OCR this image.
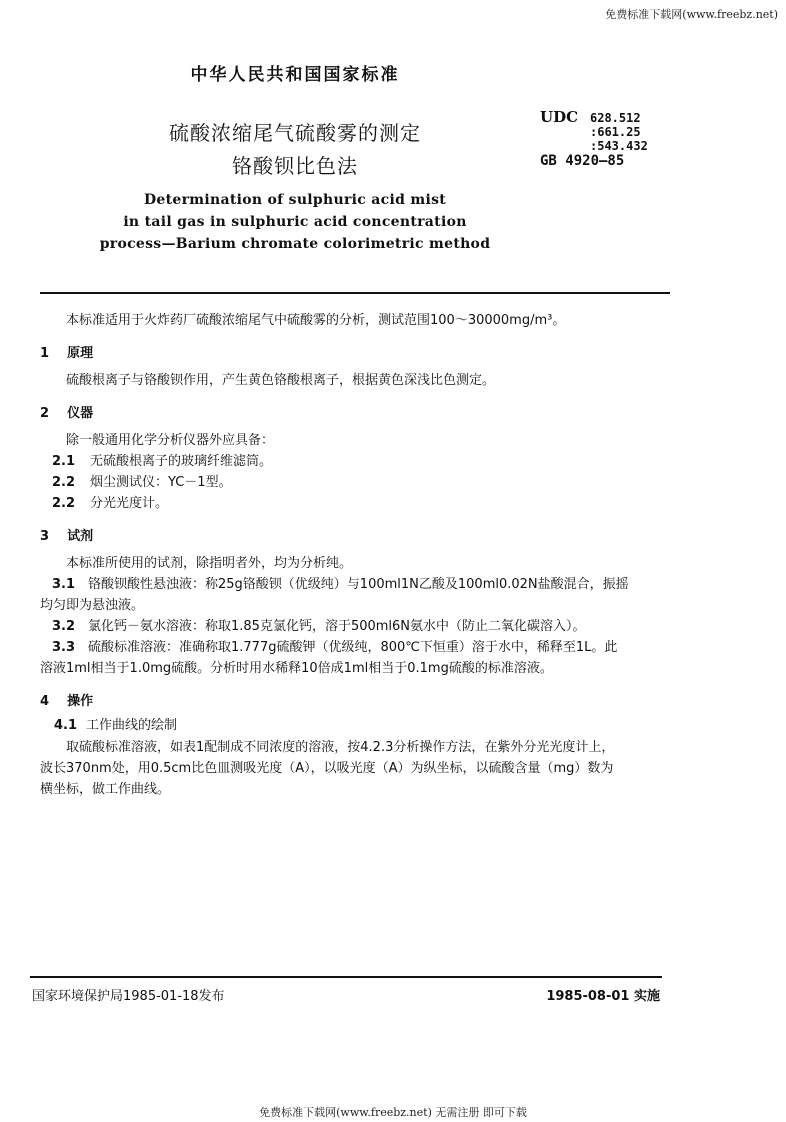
免费标准下载网(www.freebz.net)
中华人民共和国国家标准
硫酸浓缩尾气硫酸雾的测定
铬酸钡比色法
Determination of sulphuric acid mist
in tail gas in sulphuric acid concentration
process—Barium chromate colorimetric method
UDC 628.512
:661.25
:543.432
GB 4920—85
本标准适用于火炸药厂硫酸浓缩尾气中硫酸雾的分析，测试范围100～30000mg/m³。
1 原理
硫酸根离子与铬酸钡作用，产生黄色铬酸根离子，根据黄色深浅比色测定。
2 仪器
除一般通用化学分析仪器外应具备：
2.1 无硫酸根离子的玻璃纤维滤筒。
2.2 烟尘测试仪：YC－1型。
2.2 分光光度计。
3 试剂
本标准所使用的试剂，除指明者外，均为分析纯。
3.1 铬酸钡酸性悬浊液：称25g铬酸钡（优级纯）与100ml1N乙酸及100ml0.02N盐酸混合，振摇
均匀即为悬浊液。
3.2 氯化钙－氨水溶液：称取1.85克氯化钙，溶于500ml6N氨水中（防止二氧化碳溶入）。
3.3 硫酸标准溶液：准确称取1.777g硫酸钾（优级纯，800℃下恒重）溶于水中，稀释至1L。此
溶液1ml相当于1.0mg硫酸。分析时用水稀释10倍成1ml相当于0.1mg硫酸的标准溶液。
4 操作
4.1 工作曲线的绘制
取硫酸标准溶液，如表1配制成不同浓度的溶液，按4.2.3分析操作方法，在紫外分光光度计上，
波长370nm处，用0.5cm比色皿测吸光度（A），以吸光度（A）为纵坐标，以硫酸含量（mg）数为
横坐标，做工作曲线。
国家环境保护局1985-01-18发布	1985-08-01 实施
免费标准下载网(www.freebz.net) 无需注册 即可下载
